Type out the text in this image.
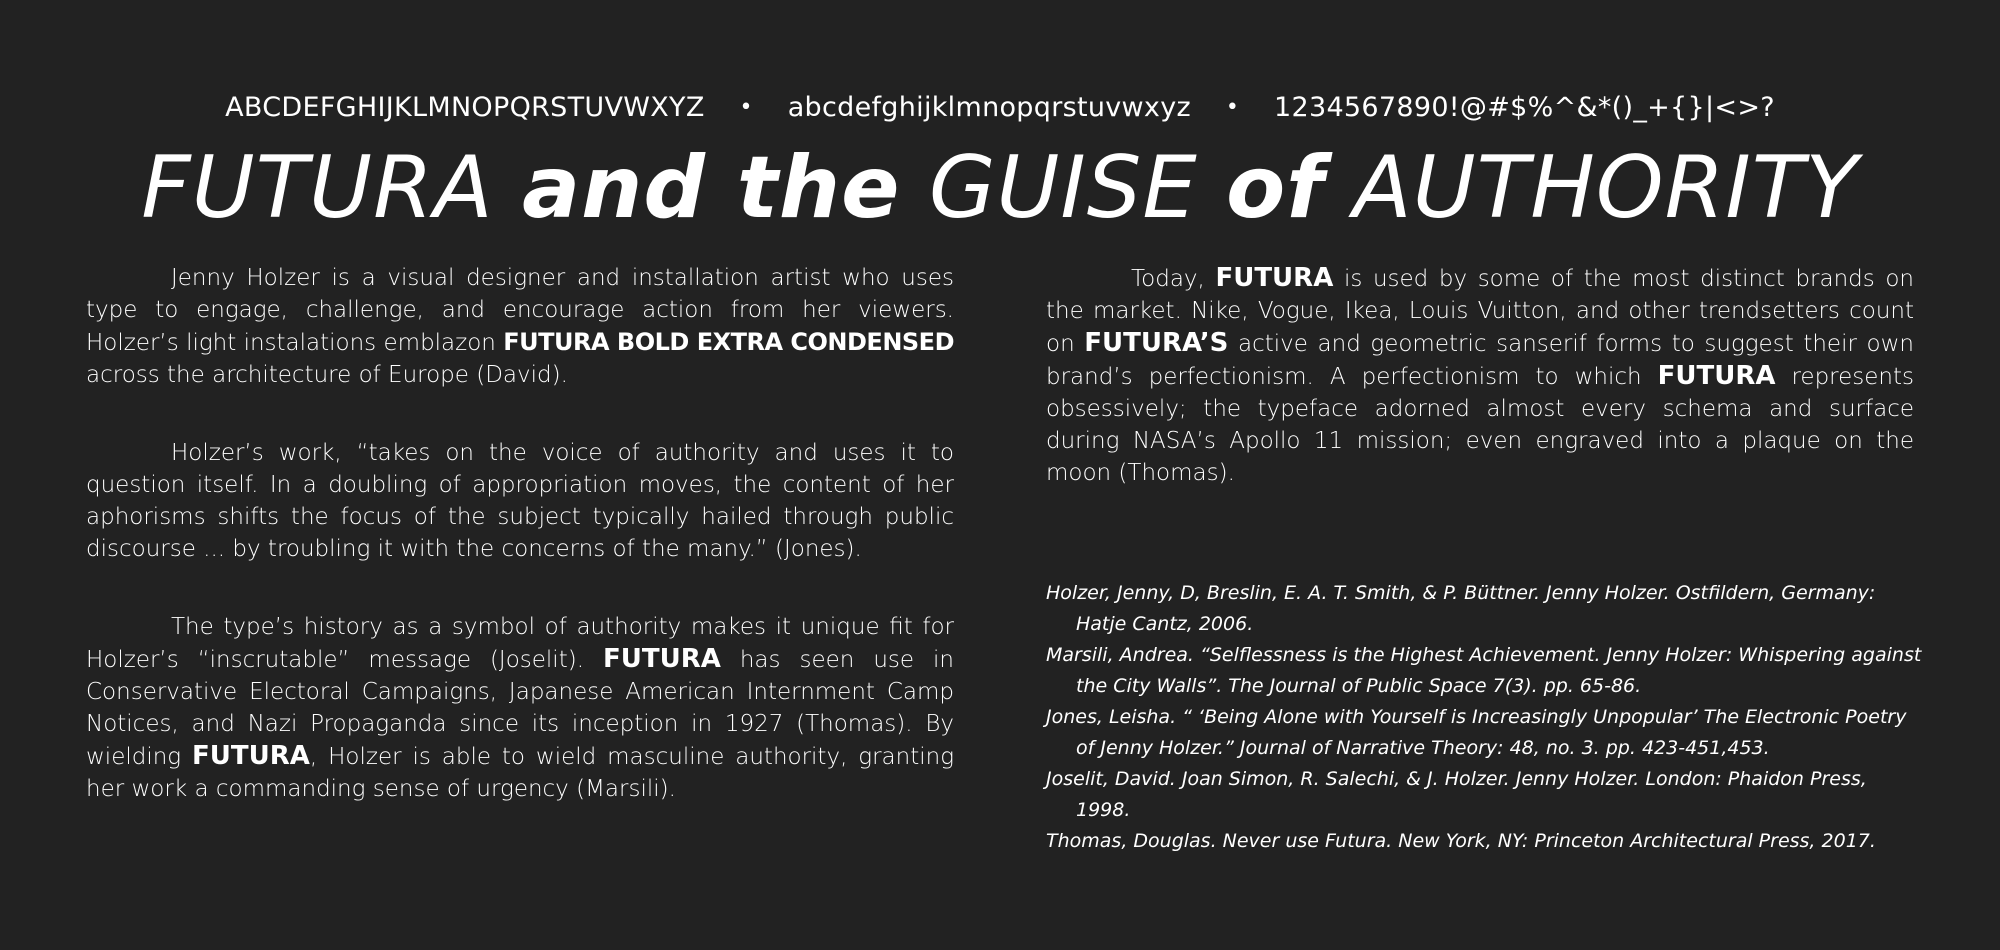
ABCDEFGHIJKLMNOPQRSTUVWXYZ • abcdefghijklmnopqrstuvwxyz • 1234567890!@#$%^&*()_+{}|<>?
FUTURA and the GUISE of AUTHORITY

Jenny Holzer is a visual designer and installation artist who uses type to engage, challenge, and encourage action from her viewers. Holzer’s light instalations emblazon FUTURA BOLD EXTRA CONDENSED across the architecture of Europe (David).

Holzer’s work, “takes on the voice of authority and uses it to question itself. In a doubling of appropriation moves, the content of her aphorisms shifts the focus of the subject typically hailed through public discourse ... by troubling it with the concerns of the many.” (Jones).

The type’s history as a symbol of authority makes it unique fit for Holzer’s “inscrutable” message (Joselit). FUTURA has seen use in Conservative Electoral Campaigns, Japanese American Internment Camp Notices, and Nazi Propaganda since its inception in 1927 (Thomas). By wielding FUTURA, Holzer is able to wield masculine authority, granting her work a commanding sense of urgency (Marsili).

Today, FUTURA is used by some of the most distinct brands on the market. Nike, Vogue, Ikea, Louis Vuitton, and other trendsetters count on FUTURA’S active and geometric sanserif forms to suggest their own brand’s perfectionism. A perfectionism to which FUTURA represents obsessively; the typeface adorned almost every schema and surface during NASA’s Apollo 11 mission; even engraved into a plaque on the moon (Thomas).

Holzer, Jenny, D, Breslin, E. A. T. Smith, & P. Büttner. Jenny Holzer. Ostfildern, Germany: Hatje Cantz, 2006.

Marsili, Andrea. “Selflessness is the Highest Achievement. Jenny Holzer: Whispering against the City Walls”. The Journal of Public Space 7(3). pp. 65-86.

Jones, Leisha. “ ‘Being Alone with Yourself is Increasingly Unpopular’ The Electronic Poetry of Jenny Holzer.” Journal of Narrative Theory: 48, no. 3. pp. 423-451,453.

Joselit, David. Joan Simon, R. Salechi, & J. Holzer. Jenny Holzer. London: Phaidon Press, 1998.

Thomas, Douglas. Never use Futura. New York, NY: Princeton Architectural Press, 2017.
